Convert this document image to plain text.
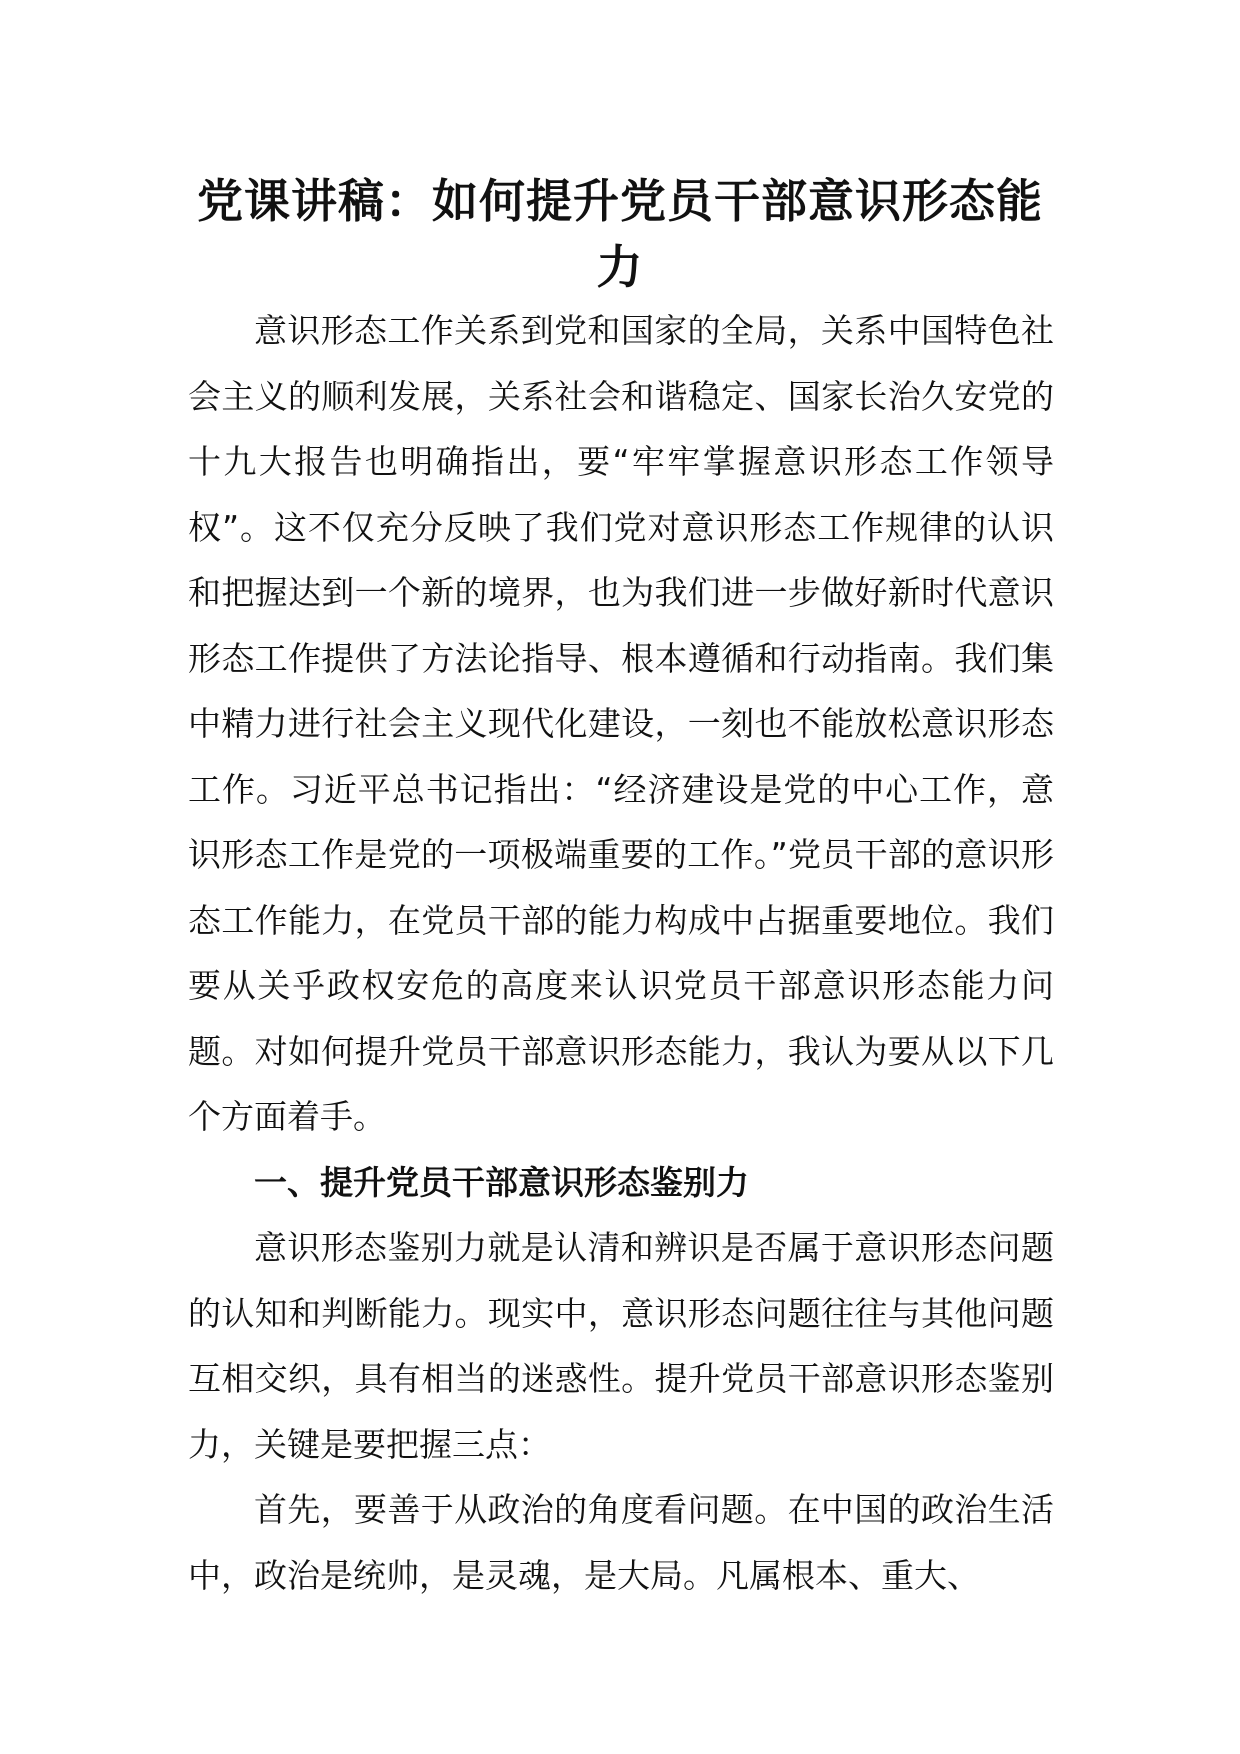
党课讲稿：如何提升党员干部意识形态能力

意识形态工作关系到党和国家的全局，关系中国特色社会主义的顺利发展，关系社会和谐稳定、国家长治久安党的十九大报告也明确指出，要“牢牢掌握意识形态工作领导权”。这不仅充分反映了我们党对意识形态工作规律的认识和把握达到一个新的境界，也为我们进一步做好新时代意识形态工作提供了方法论指导、根本遵循和行动指南。我们集中精力进行社会主义现代化建设，一刻也不能放松意识形态工作。习近平总书记指出：“经济建设是党的中心工作，意识形态工作是党的一项极端重要的工作。”党员干部的意识形态工作能力，在党员干部的能力构成中占据重要地位。我们要从关乎政权安危的高度来认识党员干部意识形态能力问题。对如何提升党员干部意识形态能力，我认为要从以下几个方面着手。

一、提升党员干部意识形态鉴别力

意识形态鉴别力就是认清和辨识是否属于意识形态问题的认知和判断能力。现实中，意识形态问题往往与其他问题互相交织，具有相当的迷惑性。提升党员干部意识形态鉴别力，关键是要把握三点：

首先，要善于从政治的角度看问题。在中国的政治生活中，政治是统帅，是灵魂，是大局。凡属根本、重大、
